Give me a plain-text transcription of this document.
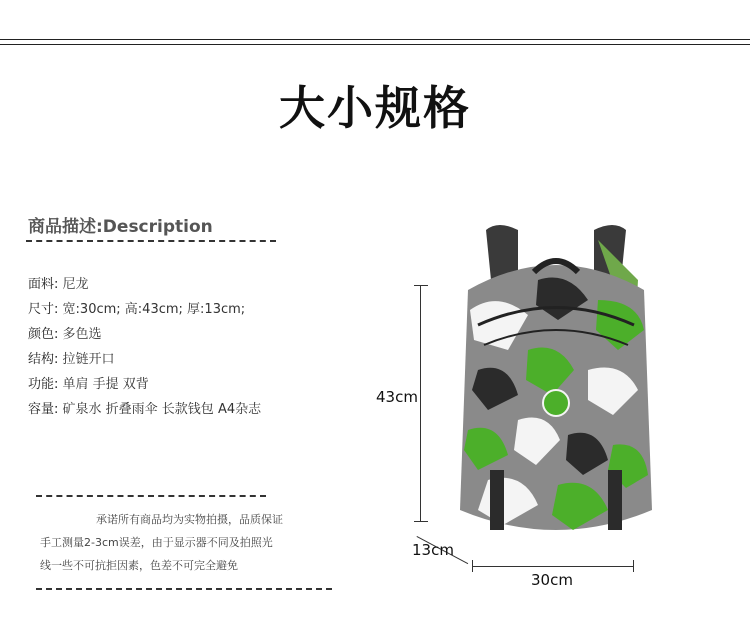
大小规格
商品描述:Description
面料: 尼龙
尺寸: 宽:30cm; 高:43cm; 厚:13cm;
颜色: 多色选
结构: 拉链开口
功能: 单肩 手提 双背
容量: 矿泉水 折叠雨伞 长款钱包 A4杂志

承诺所有商品均为实物拍摄，品质保证

手工测量2-3cm误差，由于显示器不同及拍照光

线一些不可抗拒因素，色差不可完全避免

43cm
13cm
30cm
